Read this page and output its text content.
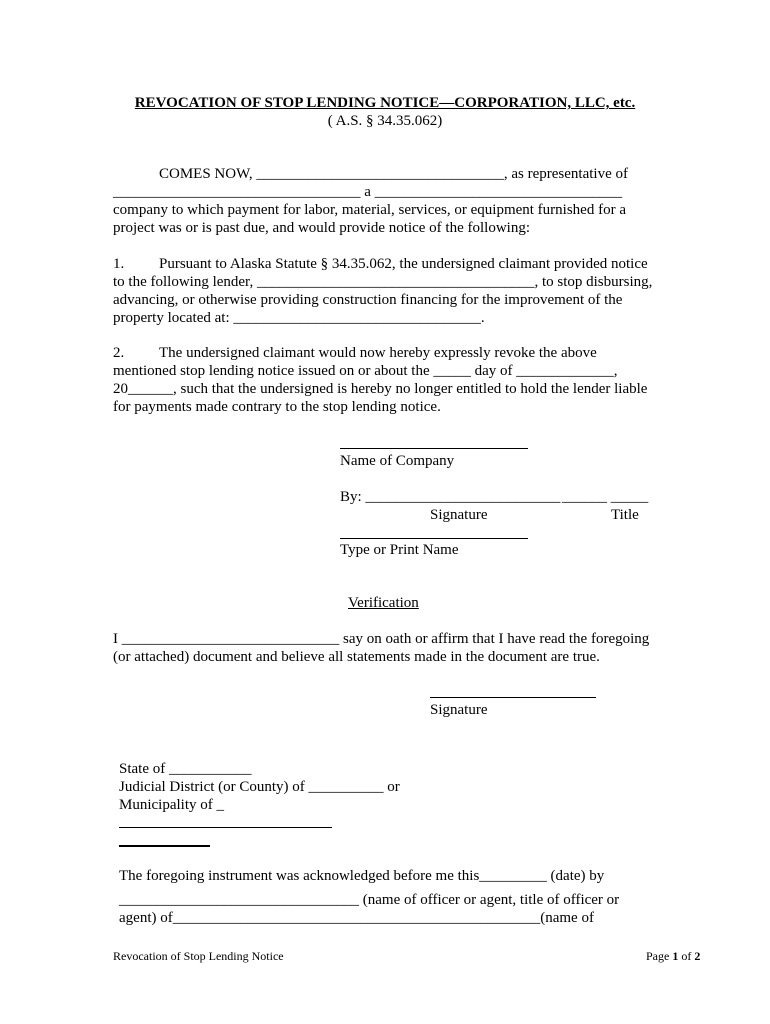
REVOCATION OF STOP LENDING NOTICE—CORPORATION, LLC, etc.
( A.S. § 34.35.062)
COMES NOW, _________________________________, as representative of
_________________________________ a _________________________________
company to which payment for labor, material, services, or equipment furnished for a
project was or is past due, and would provide notice of the following:
1. Pursuant to Alaska Statute § 34.35.062, the undersigned claimant provided notice
to the following lender, _____________________________________, to stop disbursing,
advancing, or otherwise providing construction financing for the improvement of the
property located at: _________________________________.
2. The undersigned claimant would now hereby expressly revoke the above
mentioned stop lending notice issued on or about the _____ day of _____________,
20______, such that the undersigned is hereby no longer entitled to hold the lender liable
for payments made contrary to the stop lending notice.
Name of Company
By: __________________________ ______ _____
Signature	Title
Type or Print Name
Verification
I _____________________________ say on oath or affirm that I have read the foregoing
(or attached) document and believe all statements made in the document are true.
Signature
State of ___________
Judicial District (or County) of __________ or
Municipality of _
The foregoing instrument was acknowledged before me this_________ (date) by
________________________________ (name of officer or agent, title of officer or
agent) of_________________________________________________(name of
Revocation of Stop Lending Notice	Page 1 of 2
